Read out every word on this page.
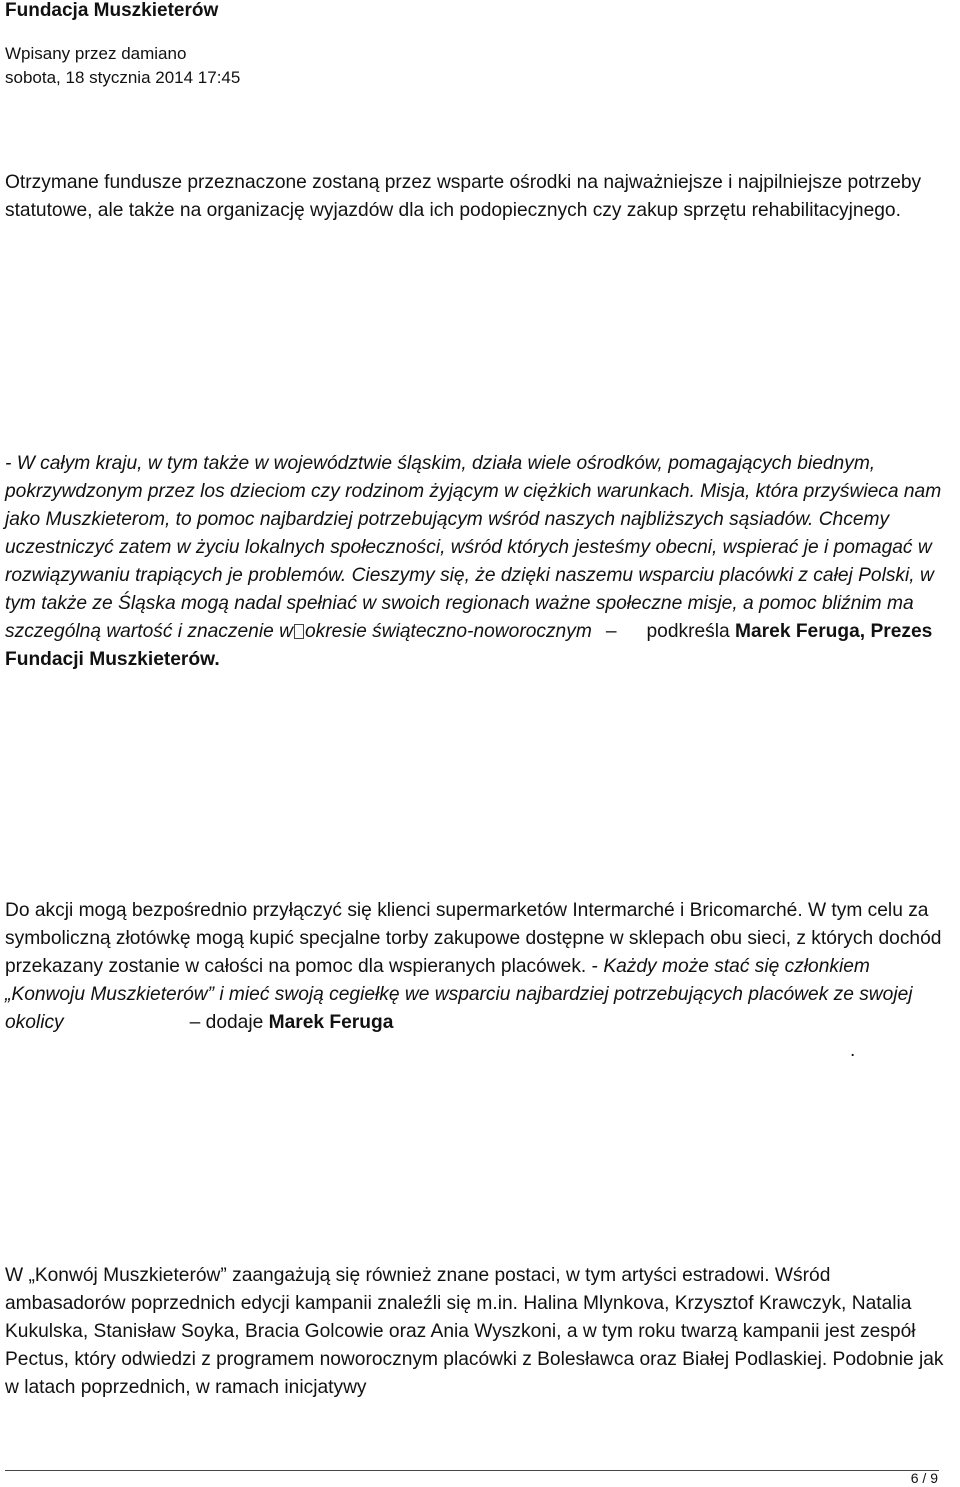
Fundacja Muszkieterów
Wpisany przez damiano
sobota, 18 stycznia 2014 17:45

Otrzymane fundusze przeznaczone zostaną przez wsparte ośrodki na najważniejsze i najpilniejsze potrzeby statutowe, ale także na organizację wyjazdów dla ich podopiecznych czy zakup sprzętu rehabilitacyjnego.

- W całym kraju, w tym także w województwie śląskim, działa wiele ośrodków, pomagających biednym, pokrzywdzonym przez los dzieciom czy rodzinom żyjącym w ciężkich warunkach. Misja, która przyświeca nam jako Muszkieterom, to pomoc najbardziej potrzebującym wśród naszych najbliższych sąsiadów. Chcemy uczestniczyć zatem w życiu lokalnych społeczności, wśród których jesteśmy obecni, wspierać je i pomagać w rozwiązywaniu trapiących je problemów. Cieszymy się, że dzięki naszemu wsparciu placówki z całej Polski, w tym także ze Śląska mogą nadal spełniać w swoich regionach ważne społeczne misje, a pomoc bliźnim ma szczególną wartość i znaczenie w okresie świąteczno-noworocznym – podkreśla Marek Feruga, Prezes Fundacji Muszkieterów.

Do akcji mogą bezpośrednio przyłączyć się klienci supermarketów Intermarché i Bricomarché. W tym celu za symboliczną złotówkę mogą kupić specjalne torby zakupowe dostępne w sklepach obu sieci, z których dochód przekazany zostanie w całości na pomoc dla wspieranych placówek. - Każdy może stać się członkiem „Konwoju Muszkieterów” i mieć swoją cegiełkę we wsparciu najbardziej potrzebujących placówek ze swojej okolicy	– dodaje Marek Feruga.

W „Konwój Muszkieterów” zaangażują się również znane postaci, w tym artyści estradowi. Wśród ambasadorów poprzednich edycji kampanii znaleźli się m.in. Halina Mlynkova, Krzysztof Krawczyk, Natalia Kukulska, Stanisław Soyka, Bracia Golcowie oraz Ania Wyszkoni, a w tym roku twarzą kampanii jest zespół Pectus, który odwiedzi z programem noworocznym placówki z Bolesławca oraz Białej Podlaskiej. Podobnie jak w latach poprzednich, w ramach inicjatywy

6 / 9
